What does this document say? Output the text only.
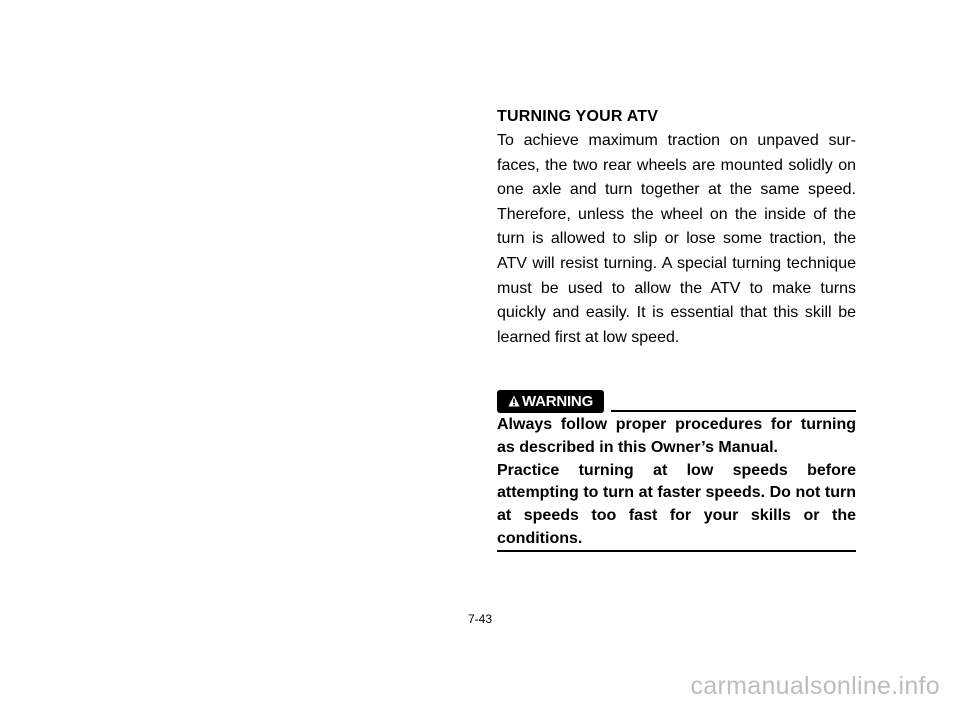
TURNING YOUR ATV

To achieve maximum traction on unpaved sur-faces, the two rear wheels are mounted solidly on one axle and turn together at the same speed. Therefore, unless the wheel on the inside of the turn is allowed to slip or lose some traction, the ATV will resist turning. A special turning technique must be used to allow the ATV to make turns quickly and easily. It is essential that this skill be learned first at low speed.

WARNING

Always follow proper procedures for turning as described in this Owner’s Manual.

Practice turning at low speeds before attempting to turn at faster speeds. Do not turn at speeds too fast for your skills or the conditions.

7-43
carmanualsonline.info
